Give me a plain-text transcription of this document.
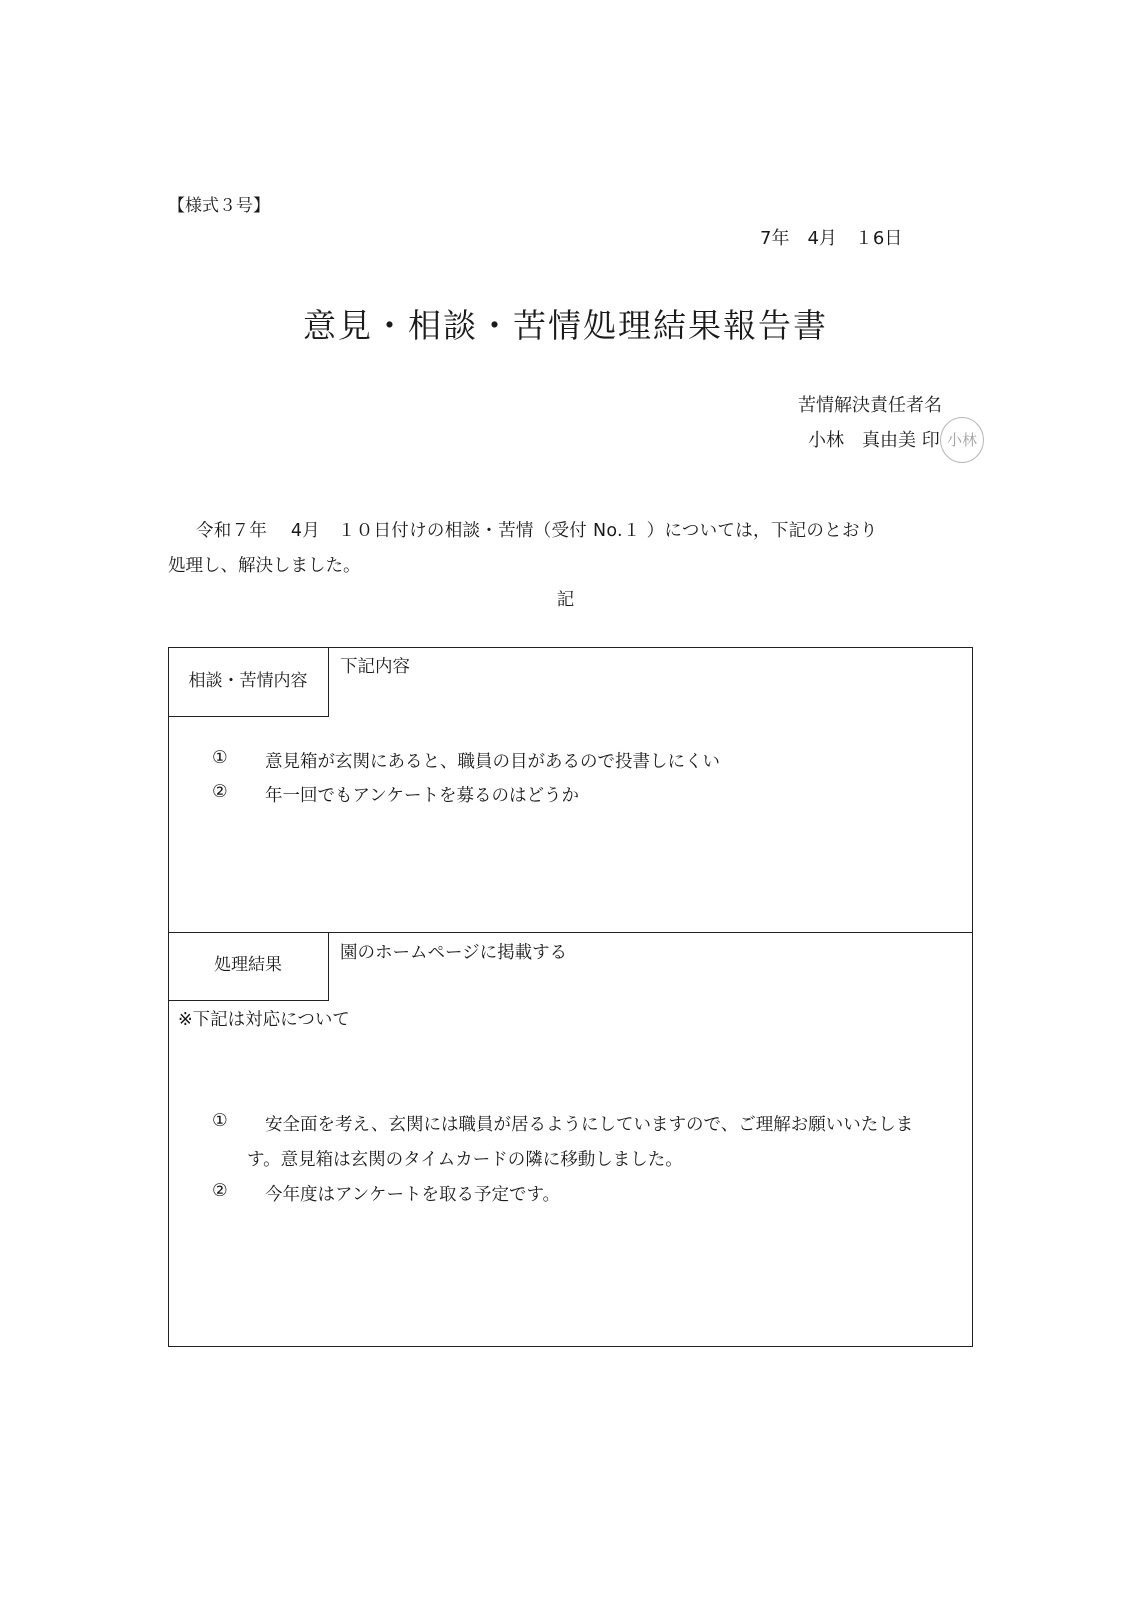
【様式３号】
7年　4月　１6日
意見・相談・苦情処理結果報告書
苦情解決責任者名
小林　真由美 印 小林
令和７年　 4月　１０日付けの相談・苦情（受付 No.１ ）については，下記のとおり
処理し、解決しました。
記
相談・苦情内容
下記内容
① 意見箱が玄関にあると、職員の目があるので投書しにくい
② 年一回でもアンケートを募るのはどうか
処理結果
園のホームページに掲載する
※下記は対応について
① 安全面を考え、玄関には職員が居るようにしていますので、ご理解お願いいたしま
す。意見箱は玄関のタイムカードの隣に移動しました。
② 今年度はアンケートを取る予定です。
